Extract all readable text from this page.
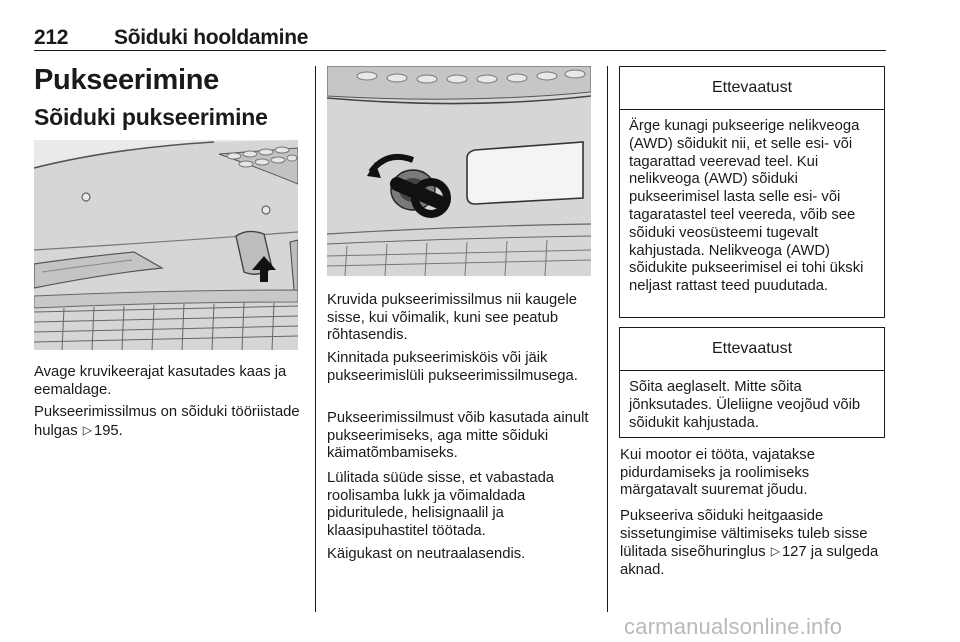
212 Sõiduki hooldamine
Pukseerimine
Sõiduki pukseerimine

Avage kruvikeerajat kasutades kaas ja eemaldage.

Pukseerimissilmus on sõiduki tööriistade hulgas ▷ 195.

Kruvida pukseerimissilmus nii kaugele sisse, kui võimalik, kuni see peatub rõhtasendis.

Kinnitada pukseerimisköis või jäik pukseerimislüli pukseerimissilmusega.

Pukseerimissilmust võib kasutada ainult pukseerimiseks, aga mitte sõiduki käimatõmbamiseks.

Lülitada süüde sisse, et vabastada roolisamba lukk ja võimaldada piduritulede, helisignaalil ja klaasipuhastitel töötada.

Käigukast on neutraalasendis.

Ettevaatust
Ärge kunagi pukseerige nelikveoga (AWD) sõidukit nii, et selle esi- või tagarattad veerevad teel. Kui nelikveoga (AWD) sõiduki pukseerimisel lasta selle esi- või tagaratastel teel veereda, võib see sõiduki veosüsteemi tugevalt kahjustada. Nelikveoga (AWD) sõidukite pukseerimisel ei tohi ükski neljast rattast teed puudutada.
Ettevaatust
Sõita aeglaselt. Mitte sõita jõnksutades. Üleliigne veojõud võib sõidukit kahjustada.

Kui mootor ei tööta, vajatakse pidurdamiseks ja roolimiseks märgatavalt suuremat jõudu.

Pukseeriva sõiduki heitgaaside sissetungimise vältimiseks tuleb sisse lülitada siseõhuringlus ▷ 127 ja sulgeda aknad.

carmanualsonline.info
